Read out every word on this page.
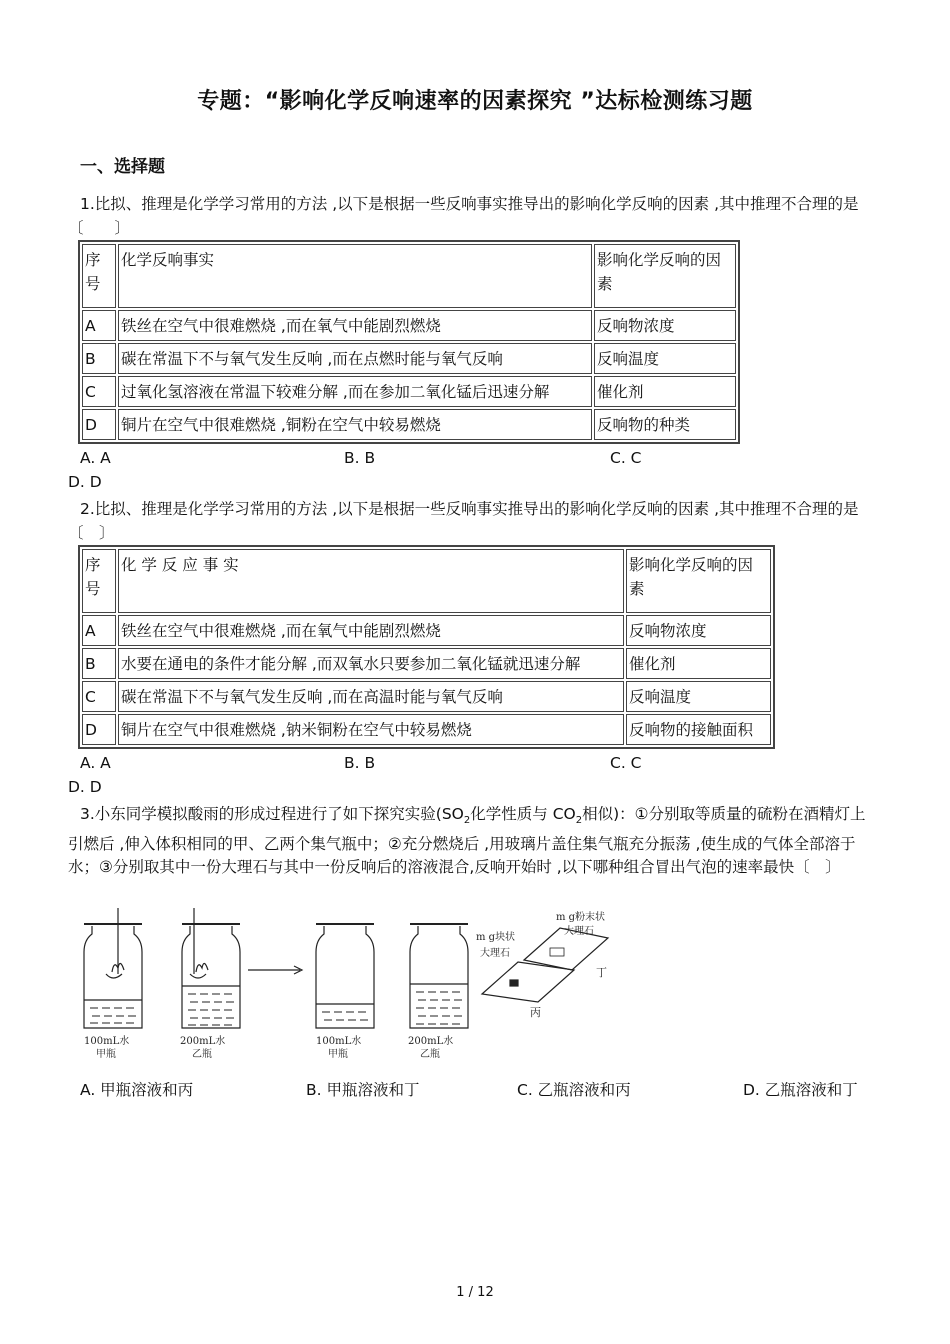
专题：“影响化学反响速率的因素探究 ”达标检测练习题
一、选择题
1.比拟、推理是化学学习常用的方法 ,以下是根据一些反响事实推导出的影响化学反响的因素 ,其中推理不合理的是〔　　〕
序号	化学反响事实	影响化学反响的因素
A	铁丝在空气中很难燃烧 ,而在氧气中能剧烈燃烧	反响物浓度
B	碳在常温下不与氧气发生反响 ,而在点燃时能与氧气反响	反响温度
C	过氧化氢溶液在常温下较难分解 ,而在参加二氧化锰后迅速分解	催化剂
D	铜片在空气中很难燃烧 ,铜粉在空气中较易燃烧	反响物的种类
A. A	B. B	C. C
D. D
2.比拟、推理是化学学习常用的方法 ,以下是根据一些反响事实推导出的影响化学反响的因素 ,其中推理不合理的是〔　〕
序号	化 学 反 应 事 实	影响化学反响的因素
A	铁丝在空气中很难燃烧 ,而在氧气中能剧烈燃烧	反响物浓度
B	水要在通电的条件才能分解 ,而双氧水只要参加二氧化锰就迅速分解	催化剂
C	碳在常温下不与氧气发生反响 ,而在高温时能与氧气反响	反响温度
D	铜片在空气中很难燃烧 ,钠米铜粉在空气中较易燃烧	反响物的接触面积
A. A	B. B	C. C
D. D
3.小东同学模拟酸雨的形成过程进行了如下探究实验($SO_2$化学性质与 $CO_2$相似)：①分别取等质量的硫粉在酒精灯上引燃后 ,伸入体积相同的甲、乙两个集气瓶中；②充分燃烧后 ,用玻璃片盖住集气瓶充分振荡 ,使生成的气体全部溶于水；③分别取其中一份大理石与其中一份反响后的溶液混合,反响开始时 ,以下哪种组合冒出气泡的速率最快〔　〕
m g粉末状
大理石
m g块状
大理石
丙
丁
100mL水
甲瓶
200mL水
乙瓶
100mL水
甲瓶
200mL水
乙瓶
A. 甲瓶溶液和丙	B. 甲瓶溶液和丁	C. 乙瓶溶液和丙	D. 乙瓶溶液和丁
1 / 12
